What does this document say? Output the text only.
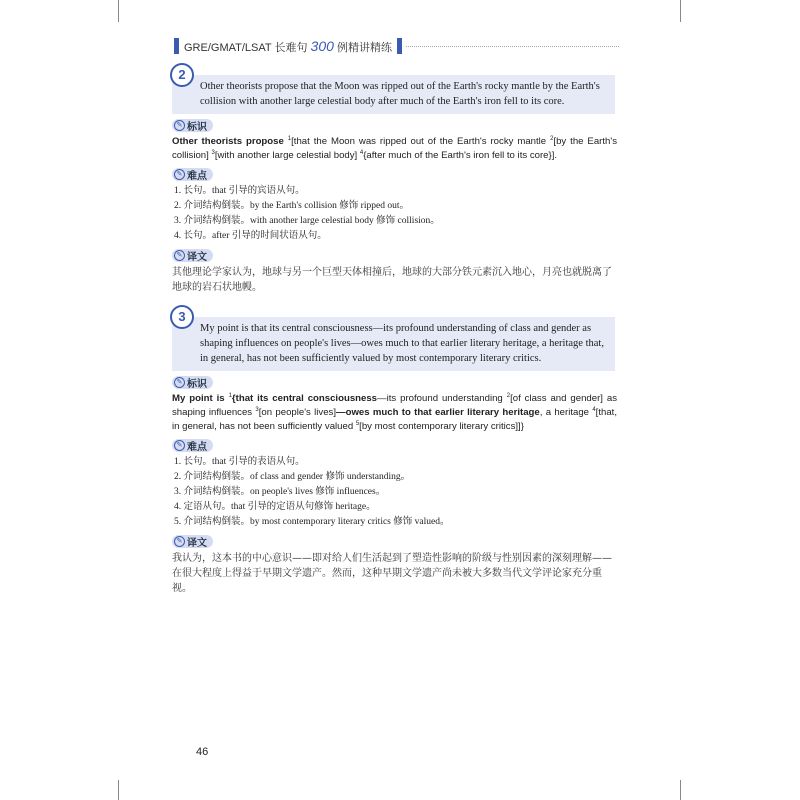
GRE/GMAT/LSAT 长难句 300 例精讲精练
2
Other theorists propose that the Moon was ripped out of the Earth's rocky mantle by the Earth's collision with another large celestial body after much of the Earth's iron fell to its core.
✎ 标识
Other theorists propose $^1$[that the Moon was ripped out of the Earth's rocky mantle $^2$[by the Earth's collision] $^3$[with another large celestial body] $^4${after much of the Earth's iron fell to its core}].
✎ 难点
1. 长句。that 引导的宾语从句。
2. 介词结构倒装。by the Earth's collision 修饰 ripped out。
3. 介词结构倒装。with another large celestial body 修饰 collision。
4. 长句。after 引导的时间状语从句。
✎ 译文
其他理论学家认为，地球与另一个巨型天体相撞后，地球的大部分铁元素沉入地心，月亮也就脱离了地球的岩石状地幔。
3
My point is that its central consciousness—its profound understanding of class and gender as shaping influences on people's lives—owes much to that earlier literary heritage, a heritage that, in general, has not been sufficiently valued by most contemporary literary critics.
✎ 标识
My point is $^1${that its central consciousness—its profound understanding $^2$[of class and gender] as shaping influences $^3$[on people's lives]—owes much to that earlier literary heritage, a heritage $^4$[that, in general, has not been sufficiently valued $^5$[by most contemporary literary critics]]}
✎ 难点
1. 长句。that 引导的表语从句。
2. 介词结构倒装。of class and gender 修饰 understanding。
3. 介词结构倒装。on people's lives 修饰 influences。
4. 定语从句。that 引导的定语从句修饰 heritage。
5. 介词结构倒装。by most contemporary literary critics 修饰 valued。
✎ 译文
我认为，这本书的中心意识——即对给人们生活起到了塑造性影响的阶级与性别因素的深刻理解——在很大程度上得益于早期文学遗产。然而，这种早期文学遗产尚未被大多数当代文学评论家充分重视。
46
